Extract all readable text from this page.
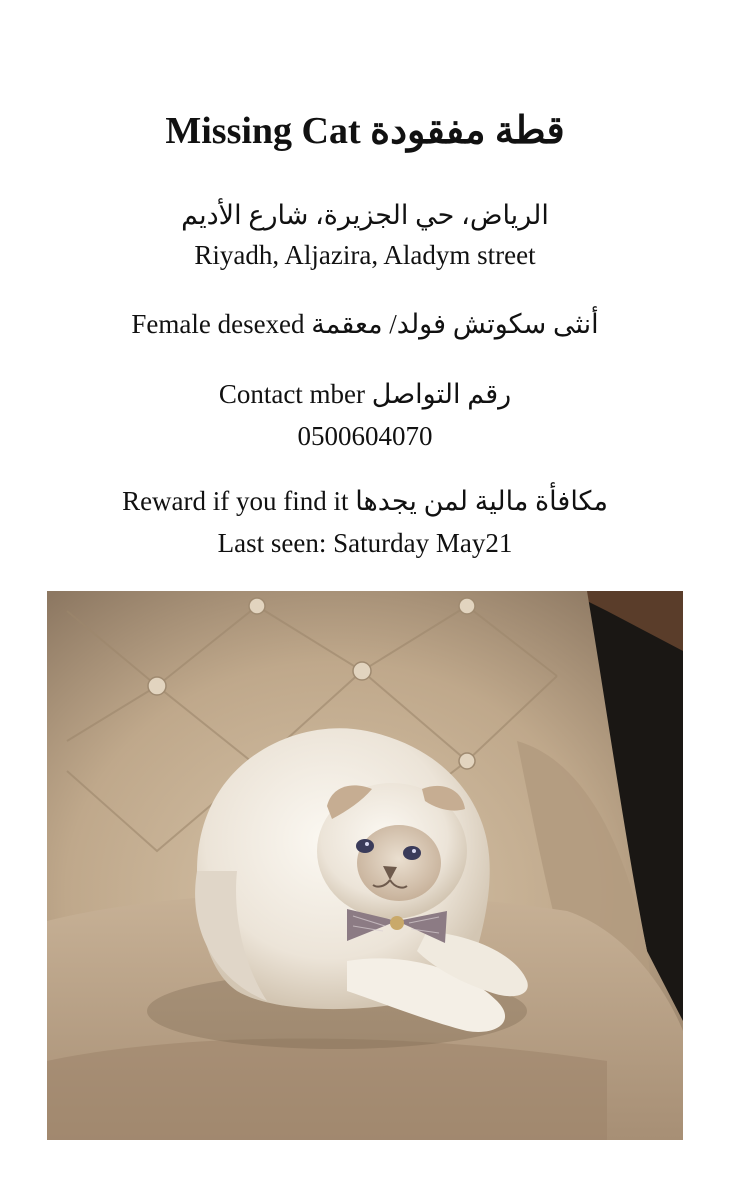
Missing Cat قطة مفقودة
الرياض، حي الجزيرة، شارع الأديم
Riyadh, Aljazira, Aladym street
أنثى سكوتش فولد/ معقمة Female desexed
Contact mber رقم التواصل
0500604070
Reward if you find it مكافأة مالية لمن يجدها
Last seen: Saturday May21
